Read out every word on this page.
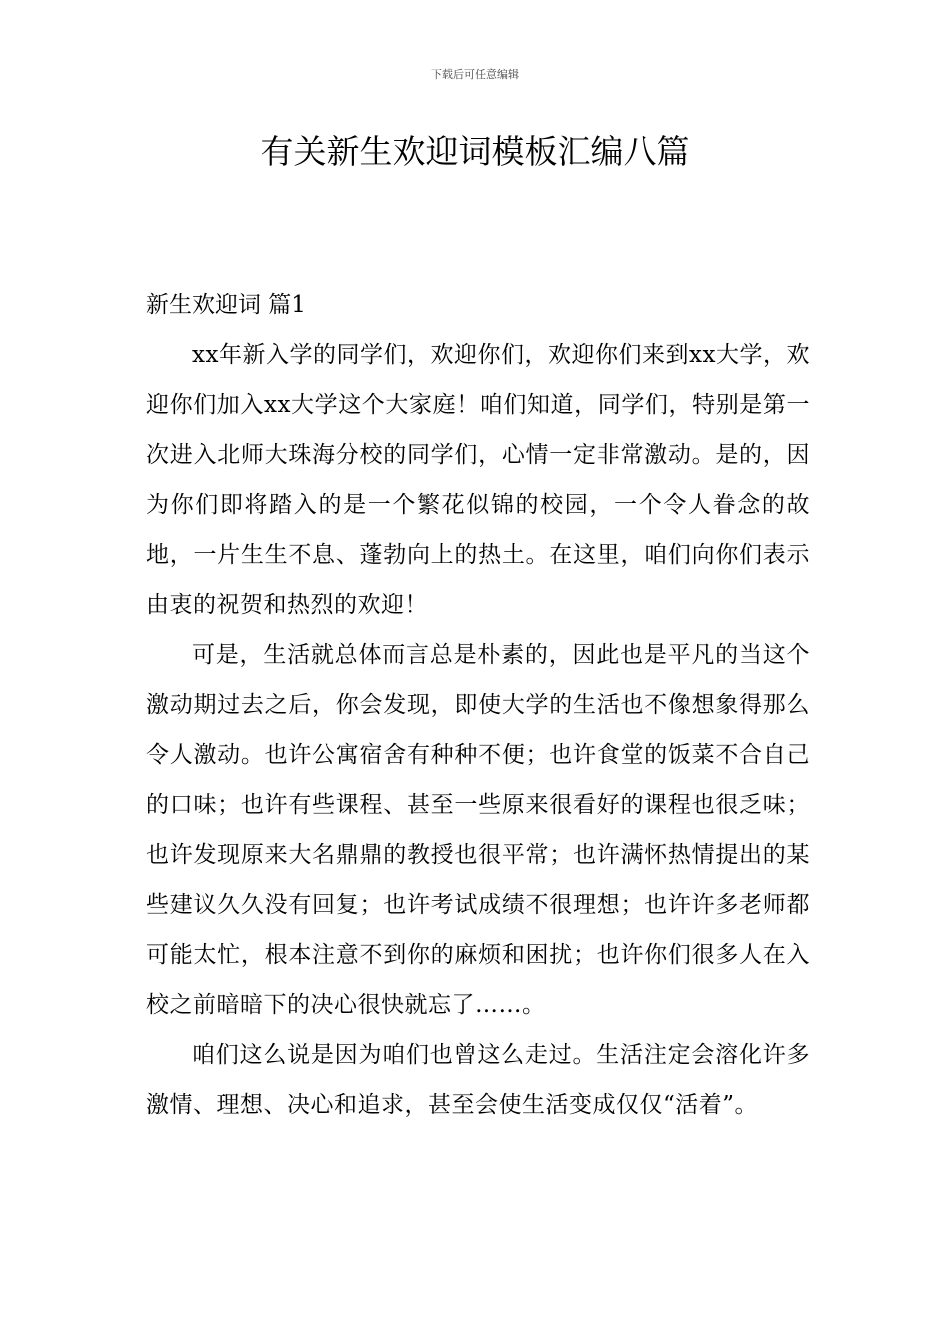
下载后可任意编辑
有关新生欢迎词模板汇编八篇

新生欢迎词 篇1

xx年新入学的同学们，欢迎你们，欢迎你们来到xx大学，欢迎你们加入xx大学这个大家庭！咱们知道，同学们，特别是第一次进入北师大珠海分校的同学们，心情一定非常激动。是的，因为你们即将踏入的是一个繁花似锦的校园，一个令人眷念的故地，一片生生不息、蓬勃向上的热土。在这里，咱们向你们表示由衷的祝贺和热烈的欢迎！

可是，生活就总体而言总是朴素的，因此也是平凡的当这个激动期过去之后，你会发现，即使大学的生活也不像想象得那么令人激动。也许公寓宿舍有种种不便；也许食堂的饭菜不合自己的口味；也许有些课程、甚至一些原来很看好的课程也很乏味；也许发现原来大名鼎鼎的教授也很平常；也许满怀热情提出的某些建议久久没有回复；也许考试成绩不很理想；也许许多老师都可能太忙，根本注意不到你的麻烦和困扰；也许你们很多人在入校之前暗暗下的决心很快就忘了……。

咱们这么说是因为咱们也曾这么走过。生活注定会溶化许多激情、理想、决心和追求，甚至会使生活变成仅仅“活着”。
